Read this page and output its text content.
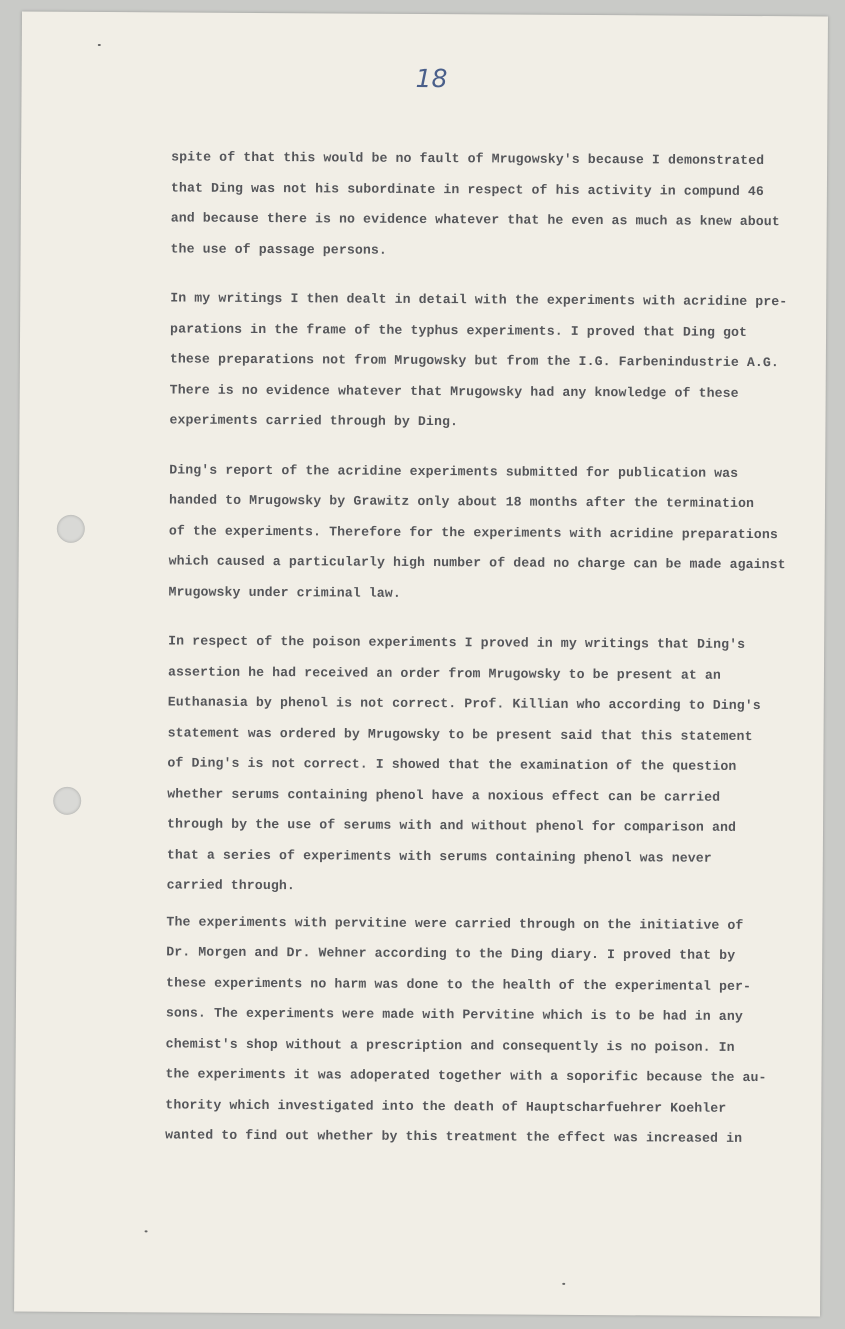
18
spite of that this would be no fault of Mrugowsky's because I demonstrated
that Ding was not his subordinate in respect of his activity in compund 46
and because there is no evidence whatever that he even as much as knew about
the use of passage persons.
In my writings I then dealt in detail with the experiments with acridine pre-
parations in the frame of the typhus experiments. I proved that Ding got
these preparations not from Mrugowsky but from the I.G. Farbenindustrie A.G.
There is no evidence whatever that Mrugowsky had any knowledge of these
experiments carried through by Ding.
Ding's report of the acridine experiments submitted for publication was
handed to Mrugowsky by Grawitz only about 18 months after the termination
of the experiments. Therefore for the experiments with acridine preparations
which caused a particularly high number of dead no charge can be made against
Mrugowsky under criminal law.
In respect of the poison experiments I proved in my writings that Ding's
assertion he had received an order from Mrugowsky to be present at an
Euthanasia by phenol is not correct. Prof. Killian who according to Ding's
statement was ordered by Mrugowsky to be present said that this statement
of Ding's is not correct. I showed that the examination of the question
whether serums containing phenol have a noxious effect can be carried
through by the use of serums with and without phenol for comparison and
that a series of experiments with serums containing phenol was never
carried through.
The experiments with pervitine were carried through on the initiative of
Dr. Morgen and Dr. Wehner according to the Ding diary. I proved that by
these experiments no harm was done to the health of the experimental per-
sons. The experiments were made with Pervitine which is to be had in any
chemist's shop without a prescription and consequently is no poison. In
the experiments it was adoperated together with a soporific because the au-
thority which investigated into the death of Hauptscharfuehrer Koehler
wanted to find out whether by this treatment the effect was increased in
